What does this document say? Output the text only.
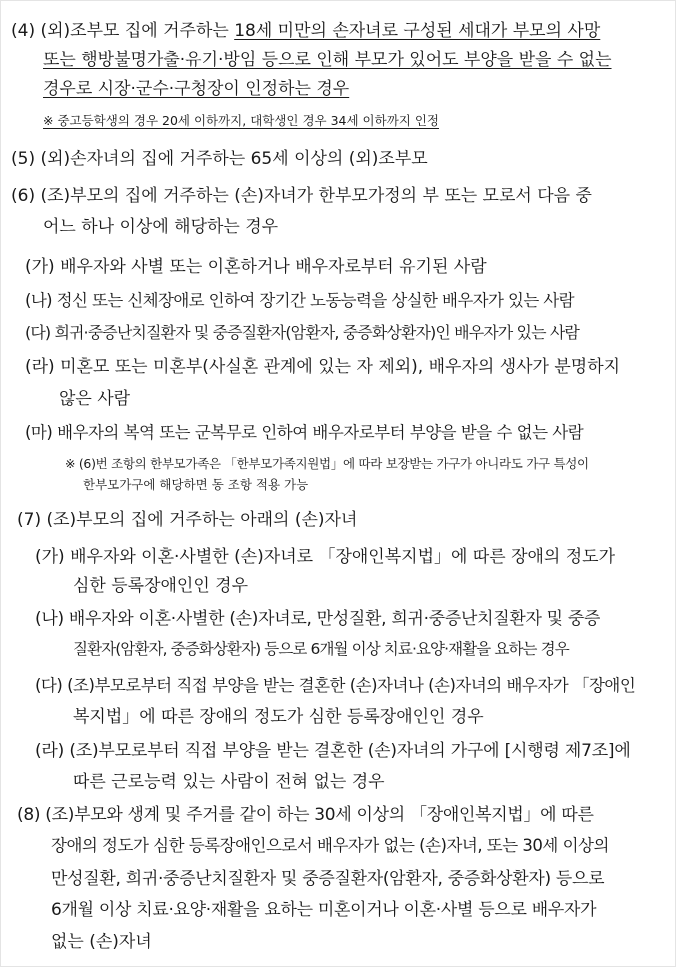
(4) (외)조부모 집에 거주하는 18세 미만의 손자녀로 구성된 세대가 부모의 사망
또는 행방불명가출·유기·방임 등으로 인해 부모가 있어도 부양을 받을 수 없는
경우로 시장·군수·구청장이 인정하는 경우
※ 중고등학생의 경우 20세 이하까지, 대학생인 경우 34세 이하까지 인정
(5) (외)손자녀의 집에 거주하는 65세 이상의 (외)조부모
(6) (조)부모의 집에 거주하는 (손)자녀가 한부모가정의 부 또는 모로서 다음 중
어느 하나 이상에 해당하는 경우
(가) 배우자와 사별 또는 이혼하거나 배우자로부터 유기된 사람
(나) 정신 또는 신체장애로 인하여 장기간 노동능력을 상실한 배우자가 있는 사람
(다) 희귀·중증난치질환자 및 중증질환자(암환자, 중증화상환자)인 배우자가 있는 사람
(라) 미혼모 또는 미혼부(사실혼 관계에 있는 자 제외), 배우자의 생사가 분명하지
않은 사람
(마) 배우자의 복역 또는 군복무로 인하여 배우자로부터 부양을 받을 수 없는 사람
※ (6)번 조항의 한부모가족은 「한부모가족지원법」에 따라 보장받는 가구가 아니라도 가구 특성이
한부모가구에 해당하면 동 조항 적용 가능
(7) (조)부모의 집에 거주하는 아래의 (손)자녀
(가) 배우자와 이혼·사별한 (손)자녀로 「장애인복지법」에 따른 장애의 정도가
심한 등록장애인인 경우
(나) 배우자와 이혼·사별한 (손)자녀로, 만성질환, 희귀·중증난치질환자 및 중증
질환자(암환자, 중증화상환자) 등으로 6개월 이상 치료·요양·재활을 요하는 경우
(다) (조)부모로부터 직접 부양을 받는 결혼한 (손)자녀나 (손)자녀의 배우자가 「장애인
복지법」에 따른 장애의 정도가 심한 등록장애인인 경우
(라) (조)부모로부터 직접 부양을 받는 결혼한 (손)자녀의 가구에 [시행령 제7조]에
따른 근로능력 있는 사람이 전혀 없는 경우
(8) (조)부모와 생계 및 주거를 같이 하는 30세 이상의 「장애인복지법」에 따른
장애의 정도가 심한 등록장애인으로서 배우자가 없는 (손)자녀, 또는 30세 이상의
만성질환, 희귀·중증난치질환자 및 중증질환자(암환자, 중증화상환자) 등으로
6개월 이상 치료·요양·재활을 요하는 미혼이거나 이혼·사별 등으로 배우자가
없는 (손)자녀
